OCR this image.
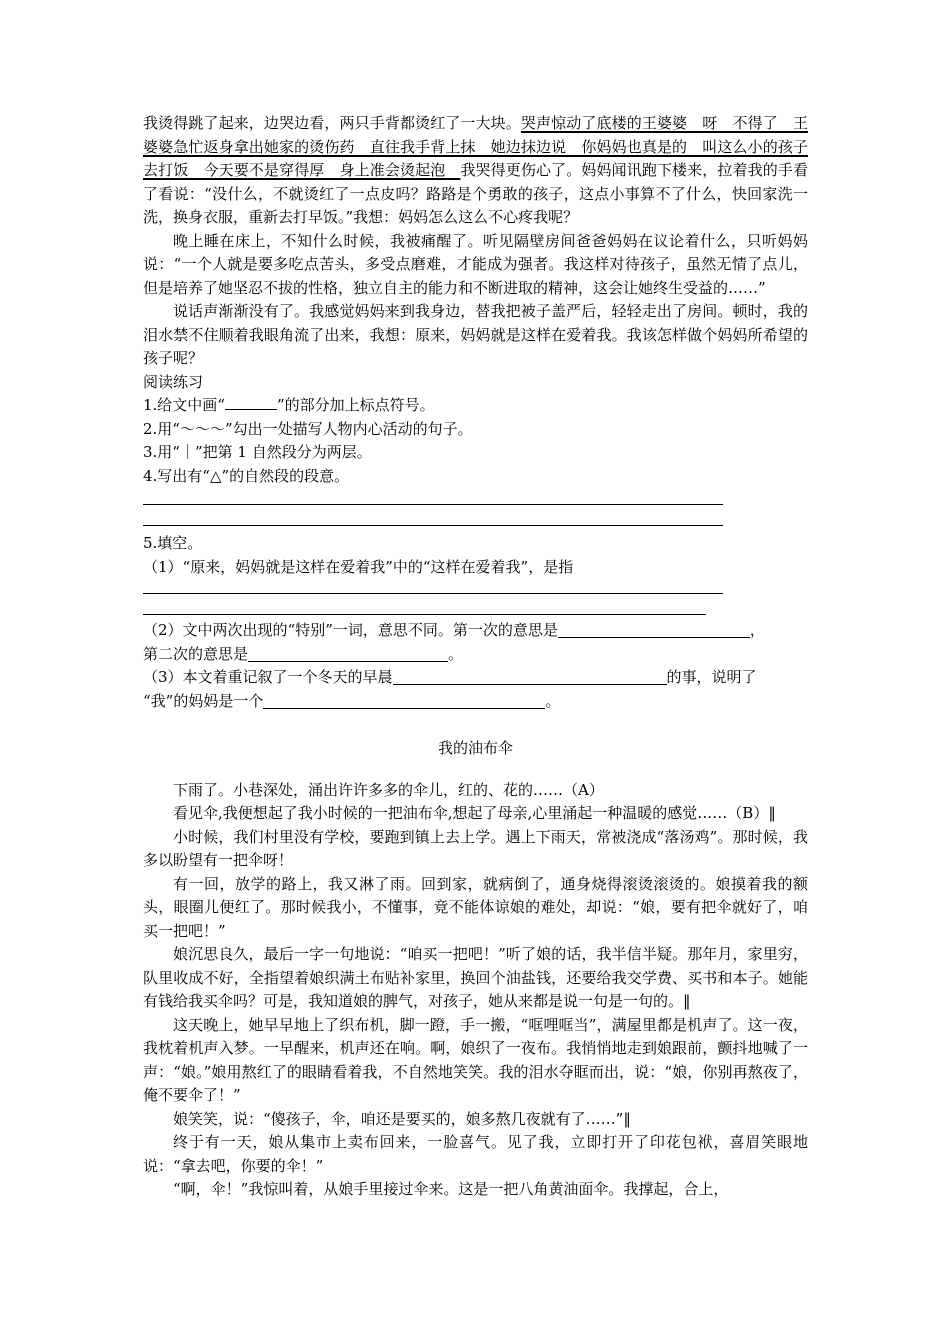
我烫得跳了起来，边哭边看，两只手背都烫红了一大块。哭声惊动了底楼的王婆婆　呀　不得了　王婆婆急忙返身拿出她家的烫伤药　直往我手背上抹　她边抹边说　你妈妈也真是的　叫这么小的孩子去打饭　今天要不是穿得厚　身上准会烫起泡　我哭得更伤心了。妈妈闻讯跑下楼来，拉着我的手看了看说：“没什么，不就烫红了一点皮吗？路路是个勇敢的孩子，这点小事算不了什么，快回家洗一洗，换身衣服，重新去打早饭。”我想：妈妈怎么这么不心疼我呢？

晚上睡在床上，不知什么时候，我被痛醒了。听见隔壁房间爸爸妈妈在议论着什么，只听妈妈说：“一个人就是要多吃点苦头，多受点磨难，才能成为强者。我这样对待孩子，虽然无情了点儿，但是培养了她坚忍不拔的性格，独立自主的能力和不断进取的精神，这会让她终生受益的……”

说话声渐渐没有了。我感觉妈妈来到我身边，替我把被子盖严后，轻轻走出了房间。顿时，我的泪水禁不住顺着我眼角流了出来，我想：原来，妈妈就是这样在爱着我。我该怎样做个妈妈所希望的孩子呢？

阅读练习

1.给文中画“	”的部分加上标点符号。

2.用“～～～”勾出一处描写人物内心活动的句子。

3.用“｜”把第 1 自然段分为两层。

4.写出有“△”的自然段的段意。

5.填空。

（1）“原来，妈妈就是这样在爱着我”中的“这样在爱着我”，是指

（2）文中两次出现的“特别”一词，意思不同。第一次的意思是	，

第二次的意思是	。

（3）本文着重记叙了一个冬天的早晨	的事，说明了

“我”的妈妈是一个	。

我的油布伞

下雨了。小巷深处，涌出许许多多的伞儿，红的、花的……（A）

看见伞,我便想起了我小时候的一把油布伞,想起了母亲,心里涌起一种温暖的感觉……（B）‖

小时候，我们村里没有学校，要跑到镇上去上学。遇上下雨天，常被浇成“落汤鸡”。那时候，我多以盼望有一把伞呀！

有一回，放学的路上，我又淋了雨。回到家，就病倒了，通身烧得滚烫滚烫的。娘摸着我的额头，眼圈儿便红了。那时候我小，不懂事，竟不能体谅娘的难处，却说：“娘，要有把伞就好了，咱买一把吧！”

娘沉思良久，最后一字一句地说：“咱买一把吧！”听了娘的话，我半信半疑。那年月，家里穷，队里收成不好，全指望着娘织满土布贴补家里，换回个油盐钱，还要给我交学费、买书和本子。她能有钱给我买伞吗？可是，我知道娘的脾气，对孩子，她从来都是说一句是一句的。‖

这天晚上，她早早地上了织布机，脚一蹬，手一搬，“哐哩哐当”，满屋里都是机声了。这一夜，我枕着机声入梦。一早醒来，机声还在响。啊，娘织了一夜布。我悄悄地走到娘跟前，颤抖地喊了一声：“娘。”娘用熬红了的眼睛看着我，不自然地笑笑。我的泪水夺眶而出，说：“娘，你别再熬夜了，俺不要伞了！”

娘笑笑，说：“傻孩子，伞，咱还是要买的，娘多熬几夜就有了……”‖

终于有一天，娘从集市上卖布回来，一脸喜气。见了我，立即打开了印花包袱，喜眉笑眼地说：“拿去吧，你要的伞！”

“啊，伞！”我惊叫着，从娘手里接过伞来。这是一把八角黄油面伞。我撑起，合上，
